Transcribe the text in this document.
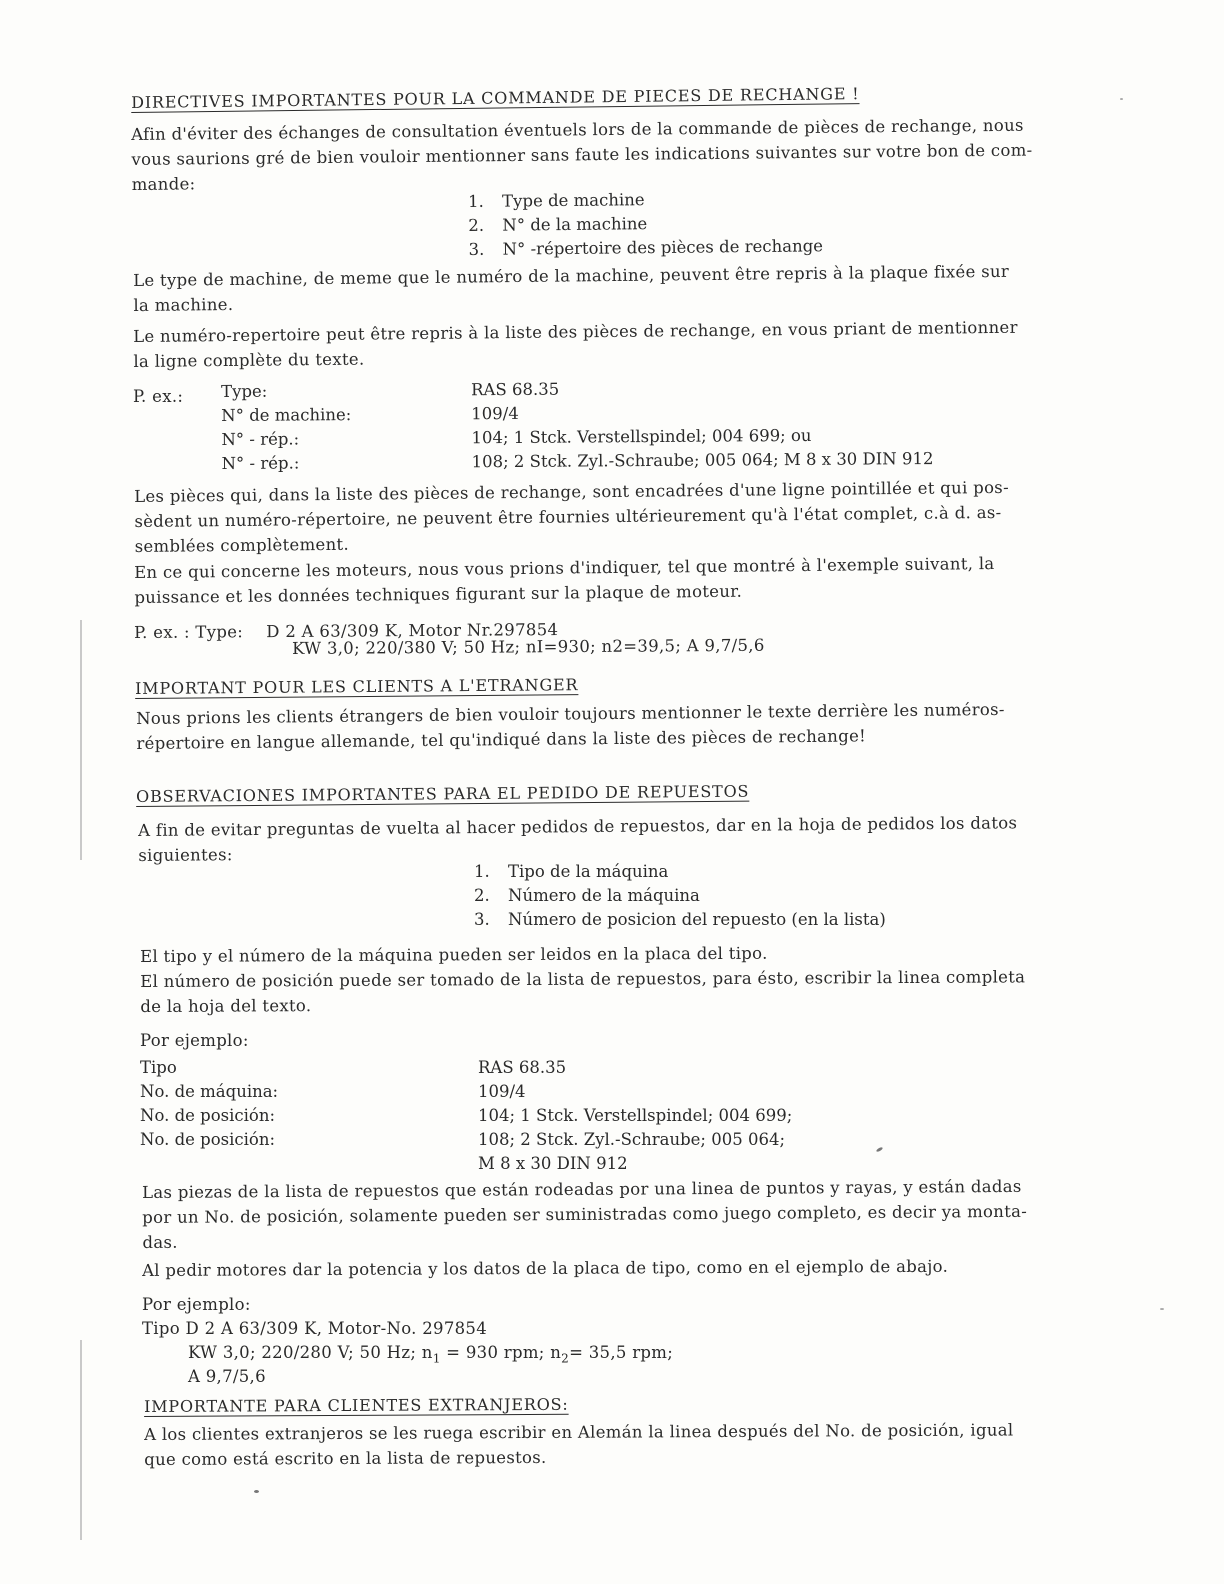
DIRECTIVES IMPORTANTES POUR LA COMMANDE DE PIECES DE RECHANGE !
Afin d'éviter des échanges de consultation éventuels lors de la commande de pièces de rechange, nous
vous saurions gré de bien vouloir mentionner sans faute les indications suivantes sur votre bon de com-
mande:
1. Type de machine
2. N° de la machine
3. N° -répertoire des pièces de rechange
Le type de machine, de meme que le numéro de la machine, peuvent être repris à la plaque fixée sur
la machine.
Le numéro-repertoire peut être repris à la liste des pièces de rechange, en vous priant de mentionner
la ligne complète du texte.
P. ex.: Type:	RAS 68.35
N° de machine:	109/4
N° - rép.:	104; 1 Stck. Verstellspindel; 004 699; ou
N° - rép.:	108; 2 Stck. Zyl.-Schraube; 005 064; M 8 x 30 DIN 912
Les pièces qui, dans la liste des pièces de rechange, sont encadrées d'une ligne pointillée et qui pos-
sèdent un numéro-répertoire, ne peuvent être fournies ultérieurement qu'à l'état complet, c.à d. as-
semblées complètement.
En ce qui concerne les moteurs, nous vous prions d'indiquer, tel que montré à l'exemple suivant, la
puissance et les données techniques figurant sur la plaque de moteur.
P. ex. : Type: D 2 A 63/309 K, Motor Nr.297854
KW 3,0; 220/380 V; 50 Hz; nI=930; n2=39,5; A 9,7/5,6
IMPORTANT POUR LES CLIENTS A L'ETRANGER
Nous prions les clients étrangers de bien vouloir toujours mentionner le texte derrière les numéros-
répertoire en langue allemande, tel qu'indiqué dans la liste des pièces de rechange!
OBSERVACIONES IMPORTANTES PARA EL PEDIDO DE REPUESTOS
A fin de evitar preguntas de vuelta al hacer pedidos de repuestos, dar en la hoja de pedidos los datos
siguientes:
1. Tipo de la máquina
2. Número de la máquina
3. Número de posicion del repuesto (en la lista)
El tipo y el número de la máquina pueden ser leidos en la placa del tipo.
El número de posición puede ser tomado de la lista de repuestos, para ésto, escribir la linea completa
de la hoja del texto.
Por ejemplo:
Tipo	RAS 68.35
No. de máquina:	109/4
No. de posición:	104; 1 Stck. Verstellspindel; 004 699;
No. de posición:	108; 2 Stck. Zyl.-Schraube; 005 064;
M 8 x 30 DIN 912
Las piezas de la lista de repuestos que están rodeadas por una linea de puntos y rayas, y están dadas
por un No. de posición, solamente pueden ser suministradas como juego completo, es decir ya monta-
das.
Al pedir motores dar la potencia y los datos de la placa de tipo, como en el ejemplo de abajo.
Por ejemplo:
Tipo D 2 A 63/309 K, Motor-No. 297854
KW 3,0; 220/280 V; 50 Hz; $n_1 = 930$ rpm; $n_2= 35,5$ rpm;
A 9,7/5,6
IMPORTANTE PARA CLIENTES EXTRANJEROS:
A los clientes extranjeros se les ruega escribir en Alemán la linea después del No. de posición, igual
que como está escrito en la lista de repuestos.
